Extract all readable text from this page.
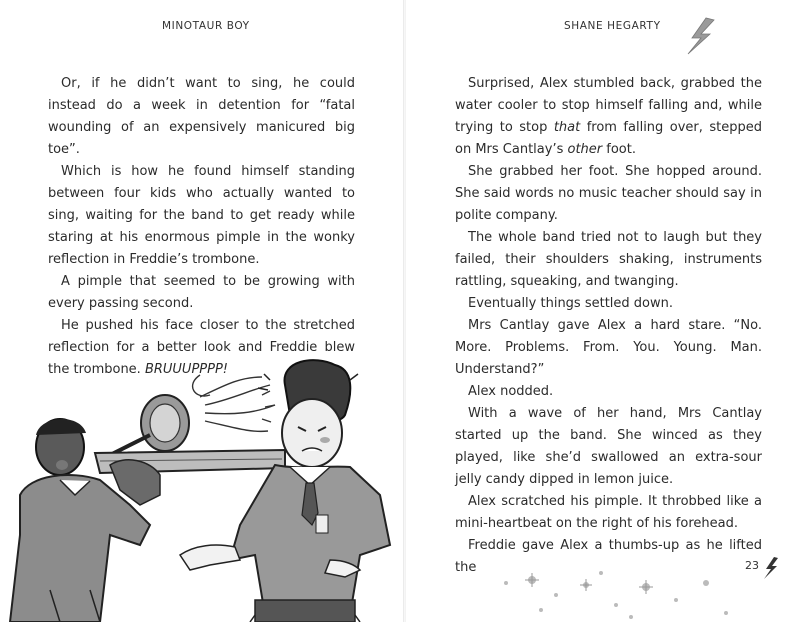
MINOTAUR BOY

Or, if he didn’t want to sing, he could instead do a week in detention for “fatal wounding of an expensively manicured big toe”.

Which is how he found himself standing between four kids who actually wanted to sing, waiting for the band to get ready while staring at his enormous pimple in the wonky reflection in Freddie’s trombone.

A pimple that seemed to be growing with every passing second.

He pushed his face closer to the stretched reflection for a better look and Freddie blew the trombone. BRUUUPPPP!

SHANE HEGARTY

Surprised, Alex stumbled back, grabbed the water cooler to stop himself falling and, while trying to stop that from falling over, stepped on Mrs Cantlay’s other foot.

She grabbed her foot. She hopped around. She said words no music teacher should say in polite company.

The whole band tried not to laugh but they failed, their shoulders shaking, instruments rattling, squeaking, and twanging.

Eventually things settled down.

Mrs Cantlay gave Alex a hard stare. “No. More. Problems. From. You. Young. Man. Understand?”

Alex nodded.

With a wave of her hand, Mrs Cantlay started up the band. She winced as they played, like she’d swallowed an extra-sour jelly candy dipped in lemon juice.

Alex scratched his pimple. It throbbed like a mini-heartbeat on the right of his forehead.

Freddie gave Alex a thumbs-up as he lifted the	23
